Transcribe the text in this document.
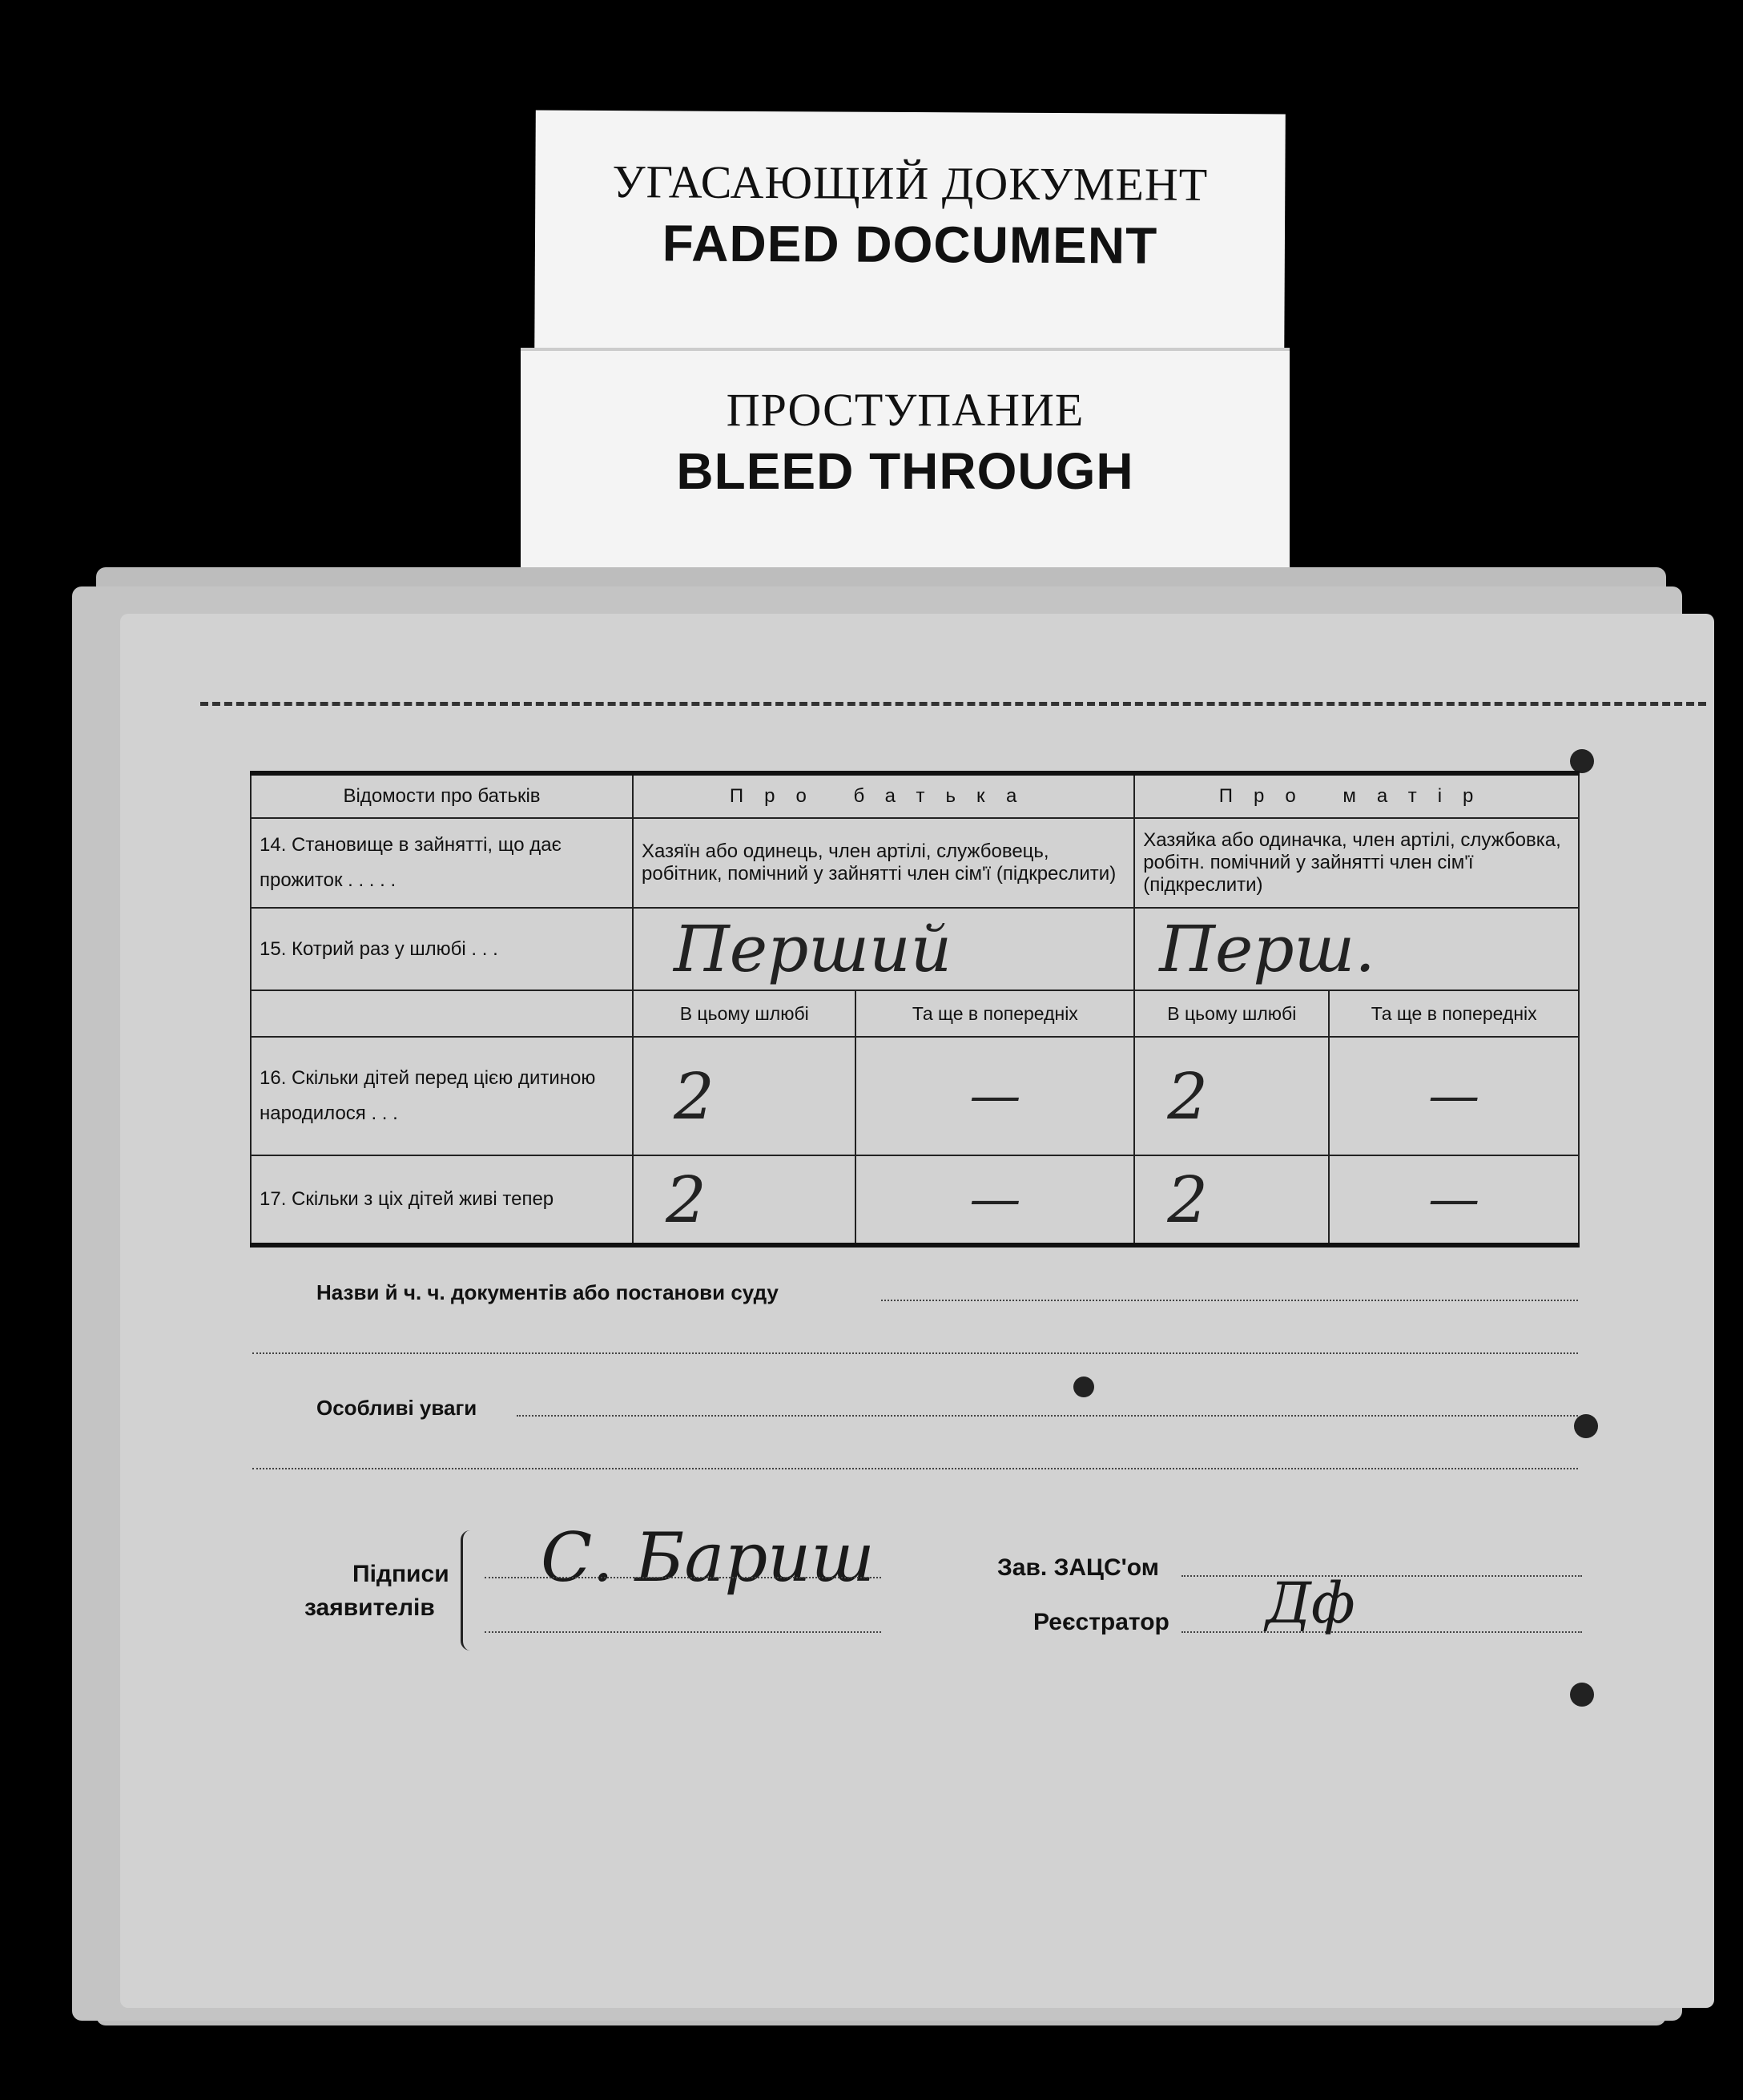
УГАСАЮЩИЙ ДОКУМЕНТ
FADED DOCUMENT
ПРОСТУПАНИЕ
BLEED THROUGH
Відомости про батьків	Про батька		Про матір	
14. Становище в зайнятті, що дає прожиток . . . . .	Хазяїн або одинець, член артілі, службовець, робітник, помічний у зайнятті член сім'ї (підкреслити)		Хазяйка або одиначка, член артілі, службовка, робітн. помічний у зайнятті член сім'ї (підкреслити)	
15. Котрий раз у шлюбі . . .	Перший		Перш.	
	В цьому шлюбі	Та ще в попередніх	В цьому шлюбі	Та ще в попередніх
16. Скільки дітей перед цією дитиною народилося . . .	2	—	2	—
17. Скільки з ціх дітей живі тепер	2	—	2	—
Назви й ч. ч. документів або постанови суду
Особливі уваги
Підписи
заявителів
С. Бариш	Зав. ЗАЦС'ом
Реєстратор Дф
